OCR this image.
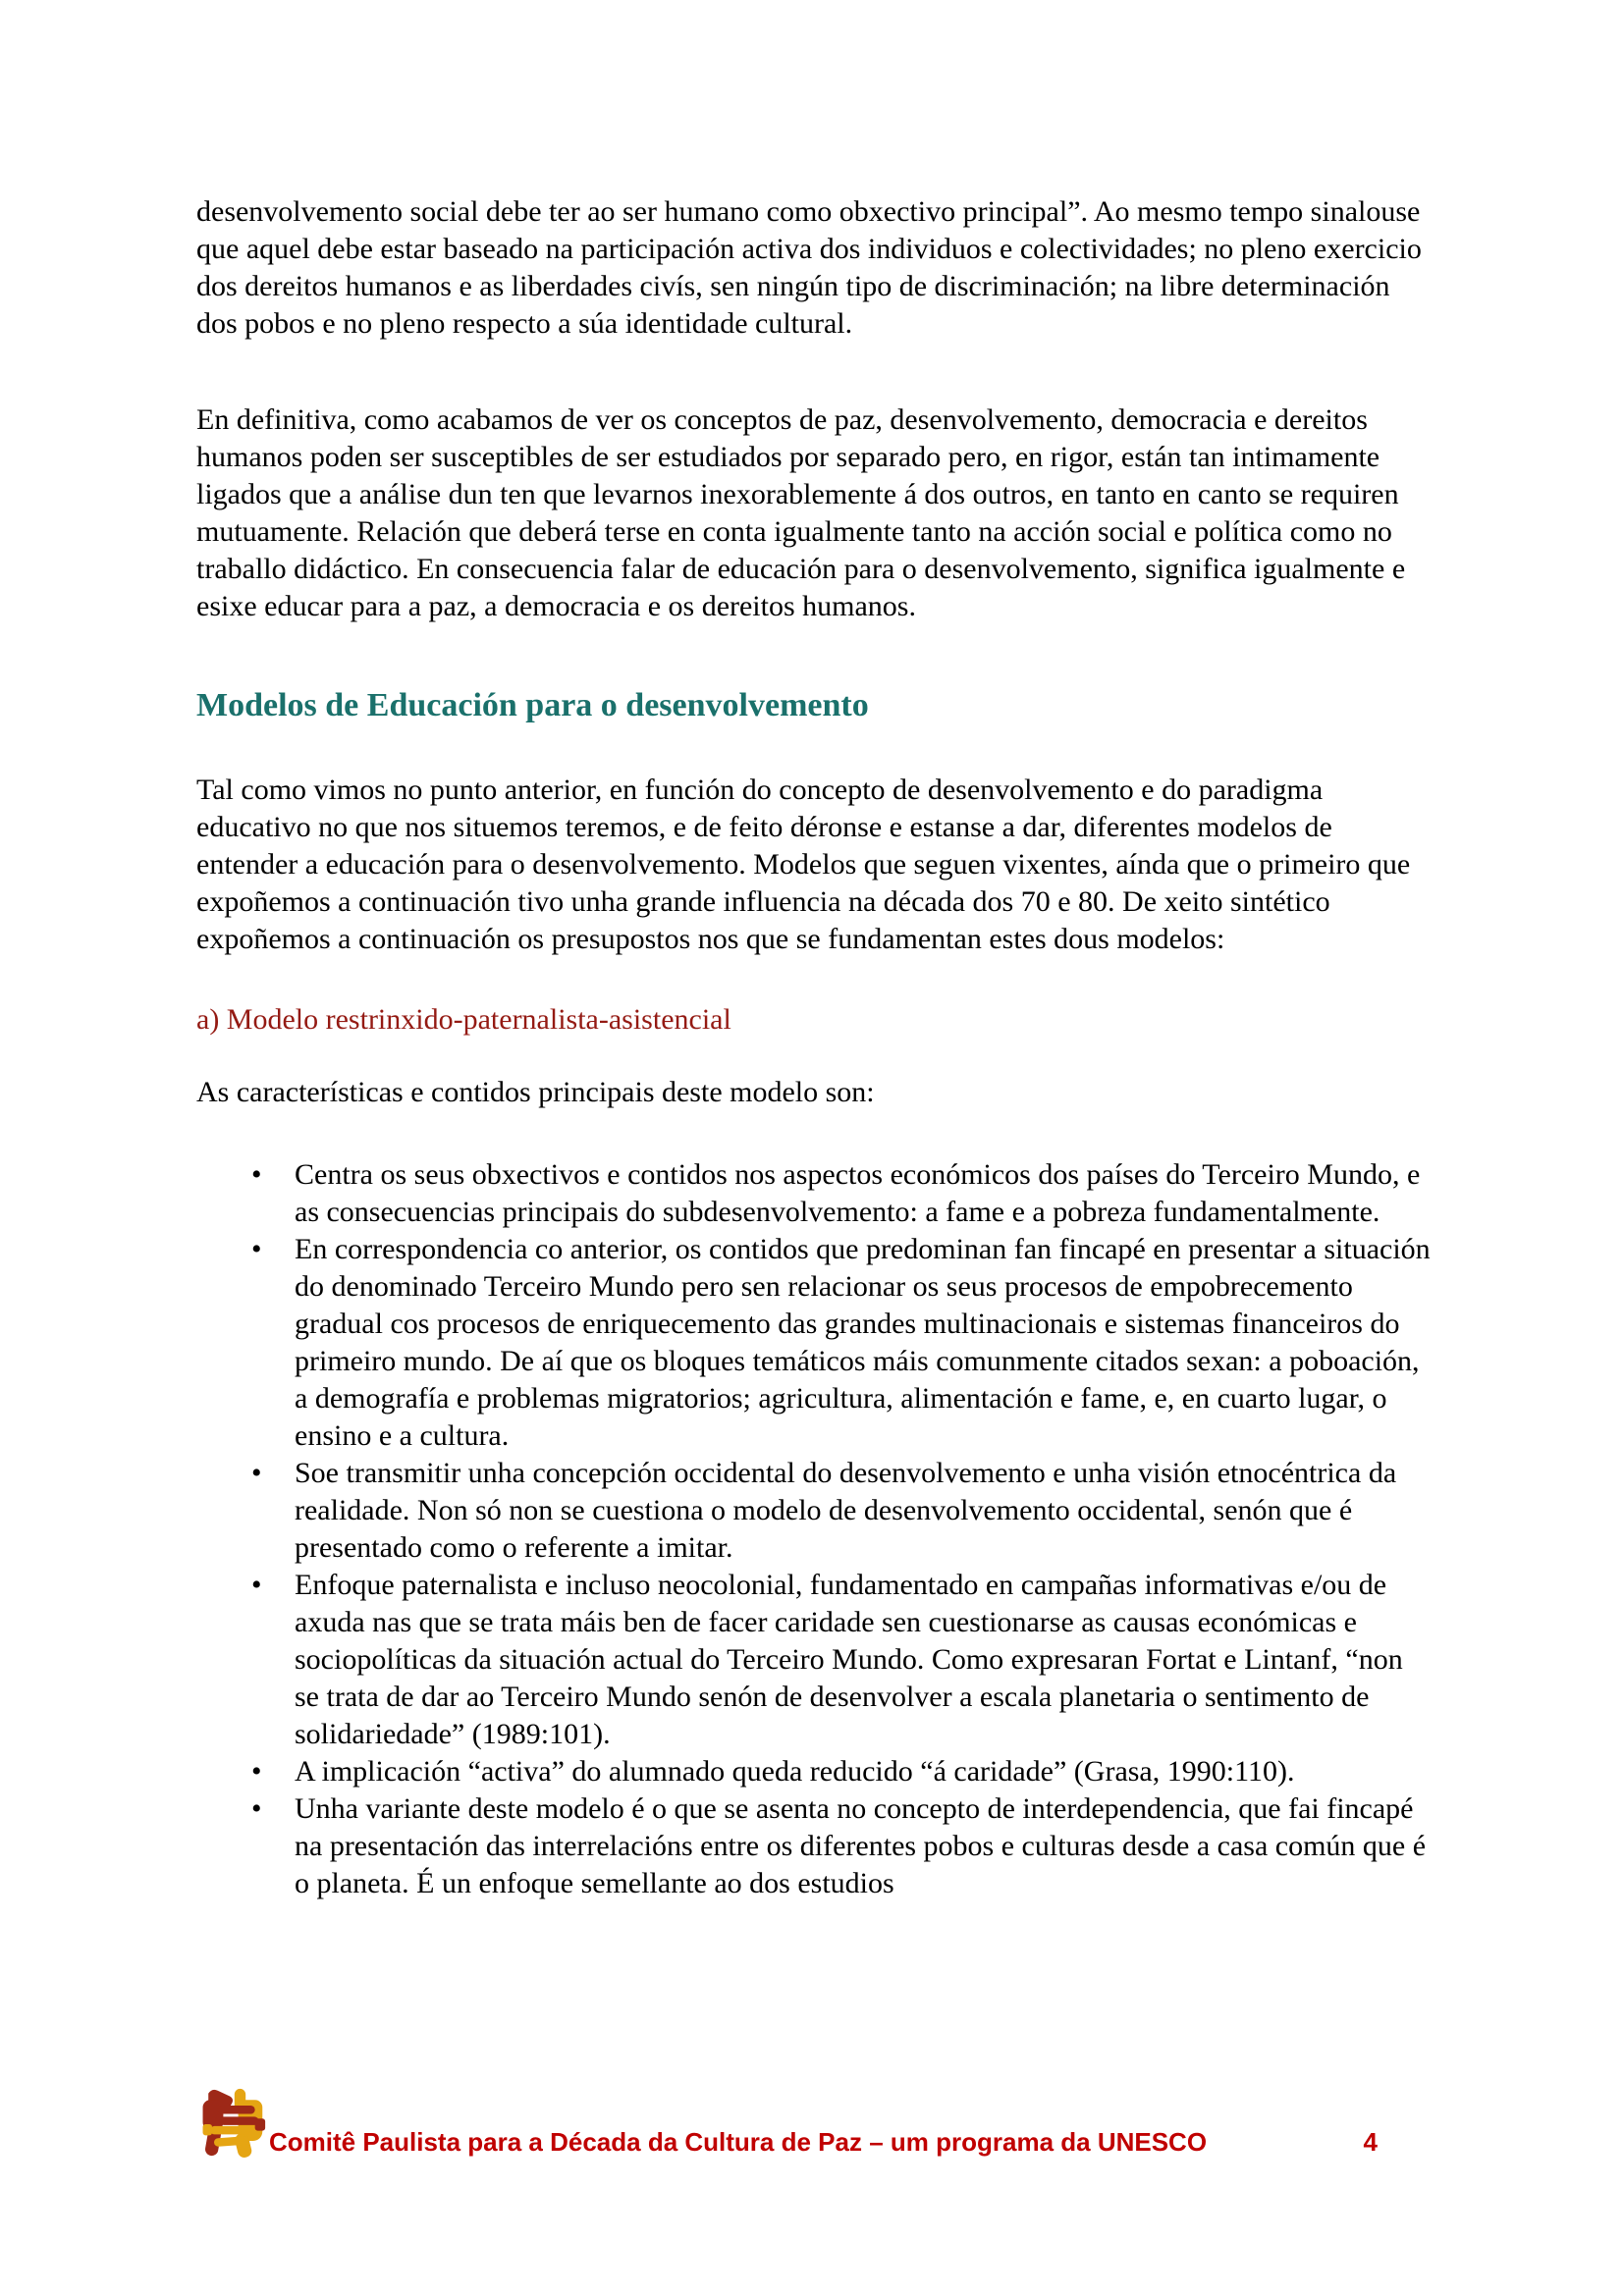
desenvolvemento social debe ter ao ser humano como obxectivo principal”. Ao mesmo tempo sinalouse que aquel debe estar baseado na participación activa dos individuos e colectividades; no pleno exercicio dos dereitos humanos e as liberdades civís, sen ningún tipo de discriminación; na libre determinación dos pobos e no pleno respecto a súa identidade cultural.

En definitiva, como acabamos de ver os conceptos de paz, desenvolvemento, democracia e dereitos humanos poden ser susceptibles de ser estudiados por separado pero, en rigor, están tan intimamente ligados que a análise dun ten que levarnos inexorablemente á dos outros, en tanto en canto se requiren mutuamente. Relación que deberá terse en conta igualmente tanto na acción social e política como no traballo didáctico. En consecuencia falar de educación para o desenvolvemento, significa igualmente e esixe educar para a paz, a democracia e os dereitos humanos.

Modelos de Educación para o desenvolvemento

Tal como vimos no punto anterior, en función do concepto de desenvolvemento e do paradigma educativo no que nos situemos teremos, e de feito déronse e estanse a dar, diferentes modelos de entender a educación para o desenvolvemento. Modelos que seguen vixentes, aínda que o primeiro que expoñemos a continuación tivo unha grande influencia na década dos 70 e 80. De xeito sintético expoñemos a continuación os presupostos nos que se fundamentan estes dous modelos:

a) Modelo restrinxido-paternalista-asistencial

As características e contidos principais deste modelo son:

• Centra os seus obxectivos e contidos nos aspectos económicos dos países do Terceiro Mundo, e as consecuencias principais do subdesenvolvemento: a fame e a pobreza fundamentalmente.
• En correspondencia co anterior, os contidos que predominan fan fincapé en presentar a situación do denominado Terceiro Mundo pero sen relacionar os seus procesos de empobrecemento gradual cos procesos de enriquecemento das grandes multinacionais e sistemas financeiros do primeiro mundo. De aí que os bloques temáticos máis comunmente citados sexan: a poboación, a demografía e problemas migratorios; agricultura, alimentación e fame, e, en cuarto lugar, o ensino e a cultura.
• Soe transmitir unha concepción occidental do desenvolvemento e unha visión etnocéntrica da realidade. Non só non se cuestiona o modelo de desenvolvemento occidental, senón que é presentado como o referente a imitar.
• Enfoque paternalista e incluso neocolonial, fundamentado en campañas informativas e/ou de axuda nas que se trata máis ben de facer caridade sen cuestionarse as causas económicas e sociopolíticas da situación actual do Terceiro Mundo. Como expresaran Fortat e Lintanf, “non se trata de dar ao Terceiro Mundo senón de desenvolver a escala planetaria o sentimento de solidariedade” (1989:101).
• A implicación “activa” do alumnado queda reducido “á caridade” (Grasa, 1990:110).
• Unha variante deste modelo é o que se asenta no concepto de interdependencia, que fai fincapé na presentación das interrelacións entre os diferentes pobos e culturas desde a casa común que é o planeta. É un enfoque semellante ao dos estudios
Comitê Paulista para a Década da Cultura de Paz – um programa da UNESCO	4
